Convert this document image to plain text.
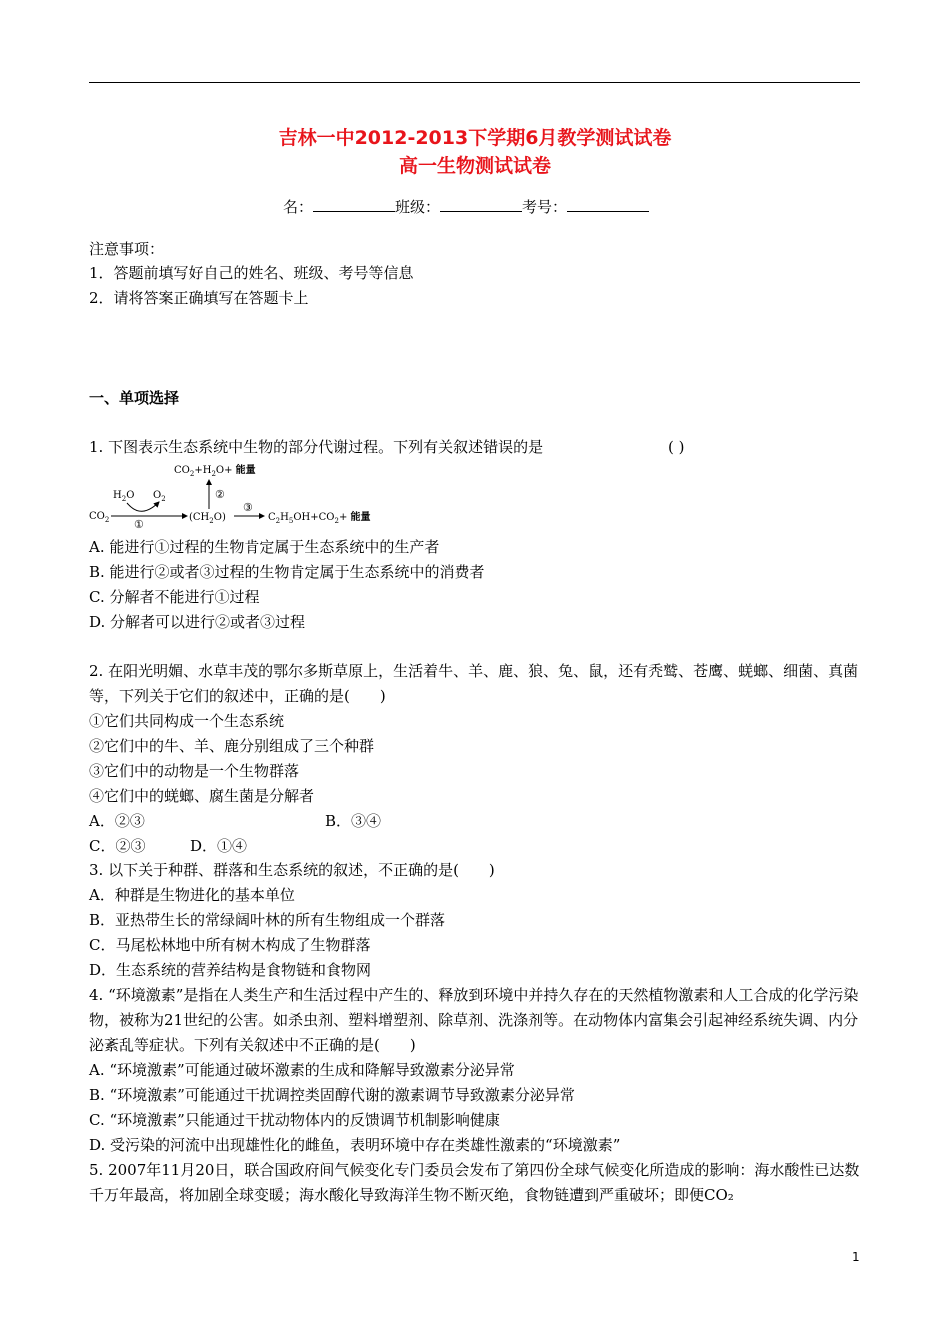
吉林一中2012-2013下学期6月教学测试试卷
高一生物测试试卷
名：	班级：	考号：
注意事项：
1．答题前填写好自己的姓名、班级、考号等信息
2．请将答案正确填写在答题卡上
一、单项选择
1. 下图表示生态系统中生物的部分代谢过程。下列有关叙述错误的是	( )
$CO_2+H_2O+$ 能量
②
$H_2O$ $O_2$
$CO_2$ ①
$(CH_2O)$
③
$C_2H_5OH+CO_2+$ 能量
A. 能进行①过程的生物肯定属于生态系统中的生产者
B. 能进行②或者③过程的生物肯定属于生态系统中的消费者
C. 分解者不能进行①过程
D. 分解者可以进行②或者③过程
2. 在阳光明媚、水草丰茂的鄂尔多斯草原上，生活着牛、羊、鹿、狼、兔、鼠，还有秃鹫、苍鹰、蜣螂、细菌、真菌等，下列关于它们的叙述中，正确的是(　　)
①它们共同构成一个生态系统
②它们中的牛、羊、鹿分别组成了三个种群
③它们中的动物是一个生物群落
④它们中的蜣螂、腐生菌是分解者
A．②③	B．③④
C．②③	D．①④
3. 以下关于种群、群落和生态系统的叙述，不正确的是(　　)
A．种群是生物进化的基本单位
B．亚热带生长的常绿阔叶林的所有生物组成一个群落
C．马尾松林地中所有树木构成了生物群落
D．生态系统的营养结构是食物链和食物网
4. “环境激素”是指在人类生产和生活过程中产生的、释放到环境中并持久存在的天然植物激素和人工合成的化学污染物，被称为21世纪的公害。如杀虫剂、塑料增塑剂、除草剂、洗涤剂等。在动物体内富集会引起神经系统失调、内分泌紊乱等症状。下列有关叙述中不正确的是(　　)
A. “环境激素”可能通过破坏激素的生成和降解导致激素分泌异常
B. “环境激素”可能通过干扰调控类固醇代谢的激素调节导致激素分泌异常
C. “环境激素”只能通过干扰动物体内的反馈调节机制影响健康
D. 受污染的河流中出现雄性化的雌鱼，表明环境中存在类雄性激素的“环境激素”
5. 2007年11月20日，联合国政府间气候变化专门委员会发布了第四份全球气候变化所造成的影响：海水酸性已达数千万年最高，将加剧全球变暖；海水酸化导致海洋生物不断灭绝，食物链遭到严重破坏；即便CO₂
1
